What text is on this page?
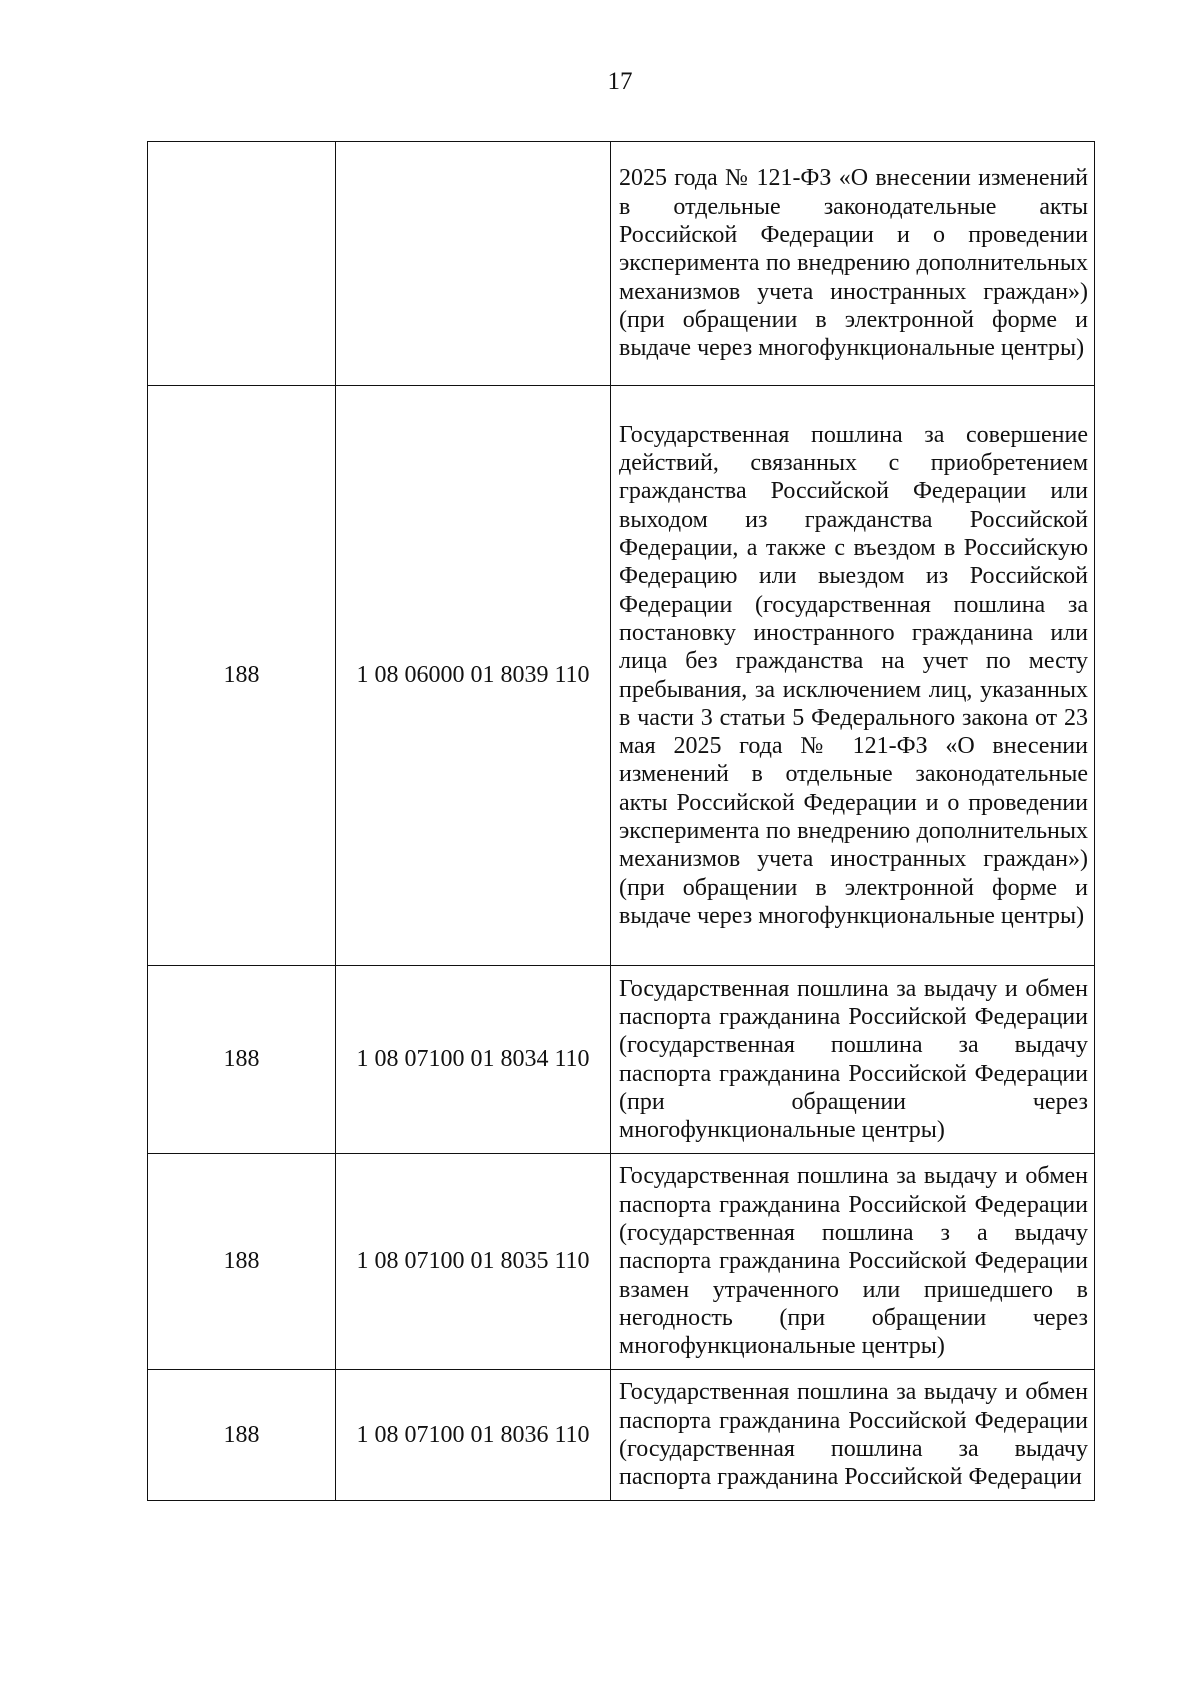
17
		2025 года № 121-ФЗ «О внесении изменений в отдельные законодательные акты Российской Федерации и о проведении эксперимента по внедрению дополнительных механизмов учета иностранных граждан») (при обращении в электронной форме и выдаче через многофункциональные центры)
188	1 08 06000 01 8039 110	Государственная пошлина за совершение действий, связанных с приобретением гражданства Российской Федерации или выходом из гражданства Российской Федерации, а также с въездом в Российскую Федерацию или выездом из Российской Федерации (государственная пошлина за постановку иностранного гражданина или лица без гражданства на учет по месту пребывания, за исключением лиц, указанных в части 3 статьи 5 Федерального закона от 23 мая 2025 года № 121-ФЗ «О внесении изменений в отдельные законодательные акты Российской Федерации и о проведении эксперимента по внедрению дополнительных механизмов учета иностранных граждан») (при обращении в электронной форме и выдаче через многофункциональные центры)
188	1 08 07100 01 8034 110	Государственная пошлина за выдачу и обмен паспорта гражданина Российской Федерации (государственная пошлина за выдачу паспорта гражданина Российской Федерации (при обращении через многофункциональные центры)
188	1 08 07100 01 8035 110	Государственная пошлина за выдачу и обмен паспорта гражданина Российской Федерации (государственная пошлина з а выдачу паспорта гражданина Российской Федерации взамен утраченного или пришедшего в негодность (при обращении через многофункциональные центры)
188	1 08 07100 01 8036 110	Государственная пошлина за выдачу и обмен паспорта гражданина Российской Федерации (государственная пошлина за выдачу паспорта гражданина Российской Федерации
